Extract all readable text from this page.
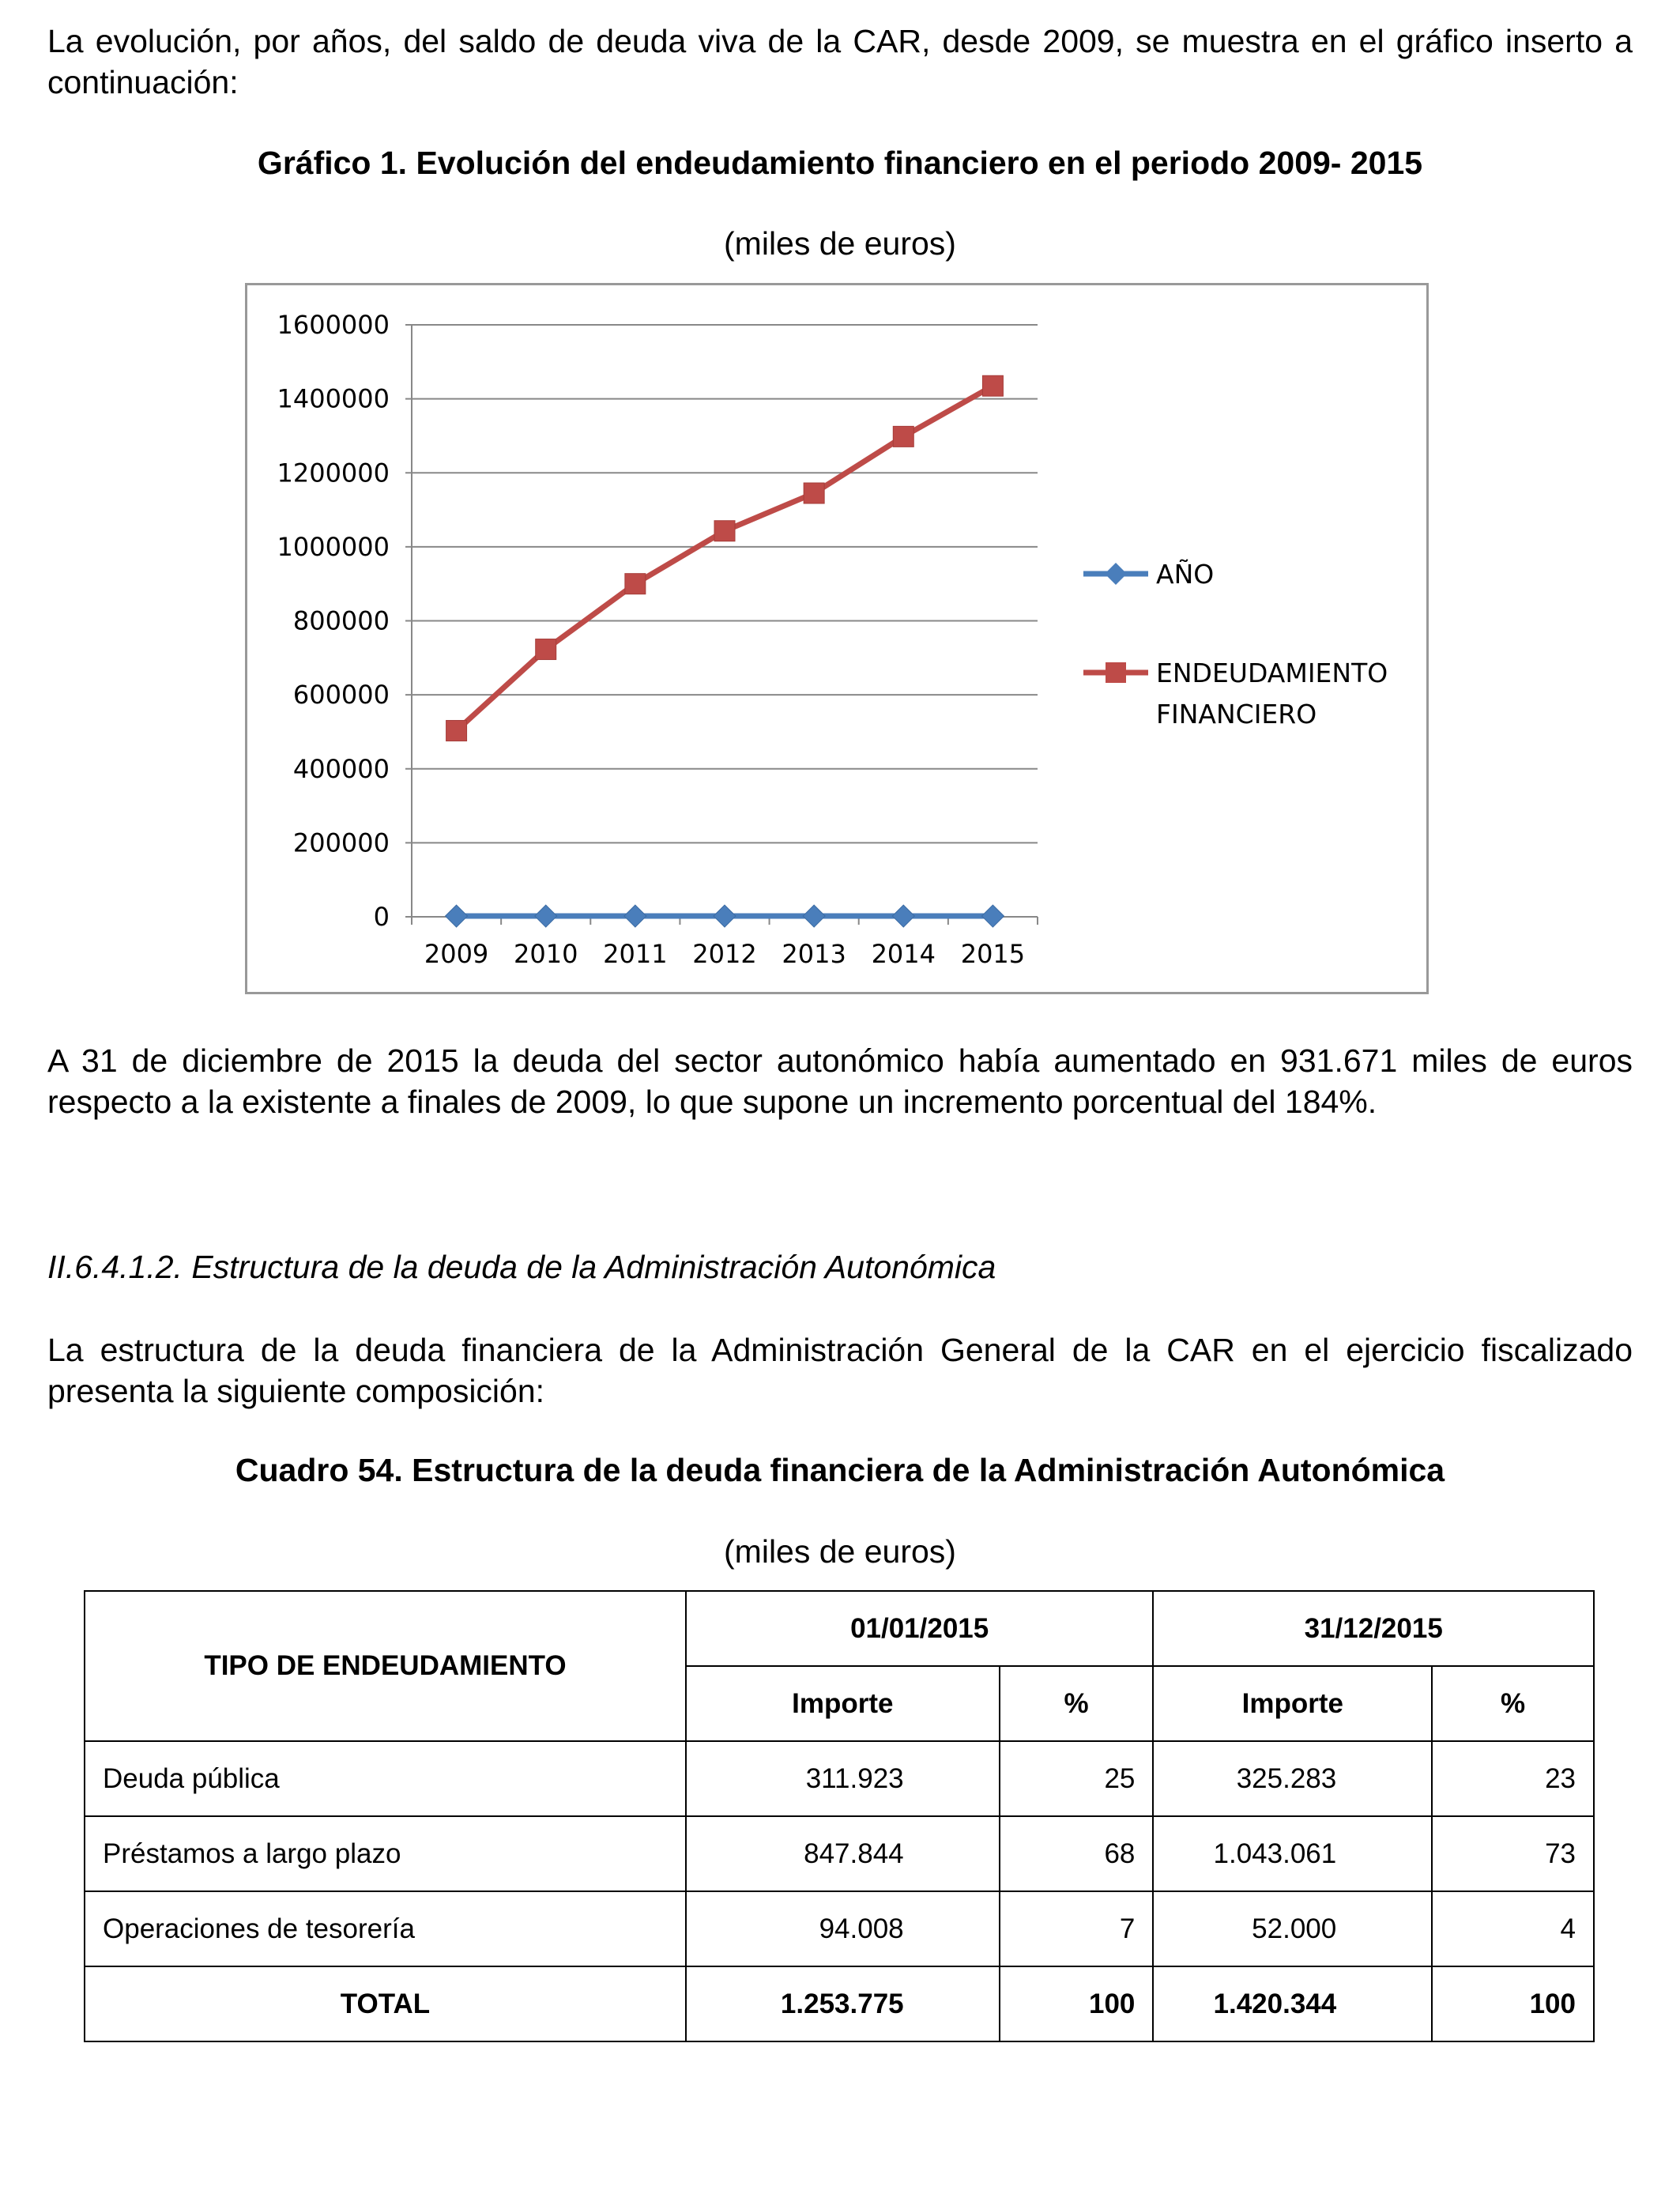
La evolución, por años, del saldo de deuda viva de la CAR, desde 2009, se muestra en el gráfico inserto a continuación:

Gráfico 1. Evolución del endeudamiento financiero en el periodo 2009- 2015

(miles de euros)

0
200000
400000
600000
800000
1000000
1200000
1400000
1600000
2009 2010 2011 2012 2013 2014 2015
AÑO
ENDEUDAMIENTO
FINANCIERO

A 31 de diciembre de 2015 la deuda del sector autonómico había aumentado en 931.671 miles de euros respecto a la existente a finales de 2009, lo que supone un incremento porcentual del 184%.

II.6.4.1.2. Estructura de la deuda de la Administración Autonómica

La estructura de la deuda financiera de la Administración General de la CAR en el ejercicio fiscalizado presenta la siguiente composición:

Cuadro 54. Estructura de la deuda financiera de la Administración Autonómica

(miles de euros)

TIPO DE ENDEUDAMIENTO	01/01/2015		31/12/2015	
	Importe	%	Importe	%
Deuda pública	311.923	25	325.283	23
Préstamos a largo plazo	847.844	68	1.043.061	73
Operaciones de tesorería	94.008	7	52.000	4
TOTAL	1.253.775	100	1.420.344	100
